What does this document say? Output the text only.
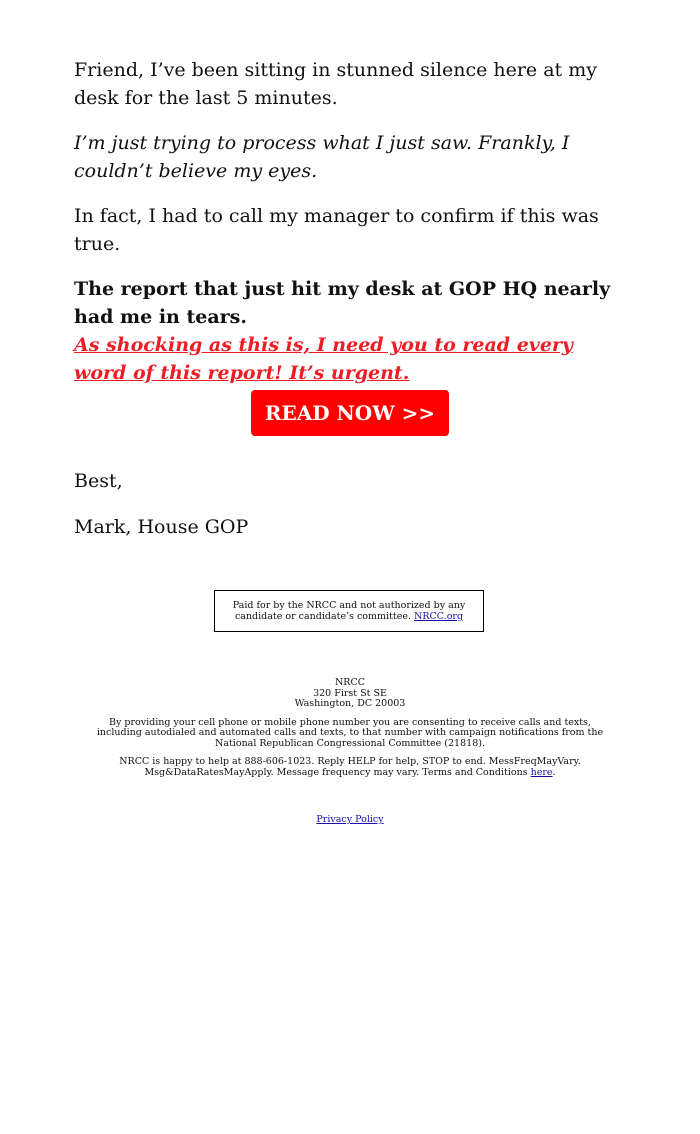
Friend, I’ve been sitting in stunned silence here at my desk for the last 5 minutes.

I’m just trying to process what I just saw. Frankly, I couldn’t believe my eyes.

In fact, I had to call my manager to confirm if this was true.

The report that just hit my desk at GOP HQ nearly had me in tears.

As shocking as this is, I need you to read every word of this report! It’s urgent.
READ NOW >>

Best,

Mark, House GOP

Paid for by the NRCC and not authorized by any candidate or candidate’s committee. NRCC.org
NRCC
320 First St SE
Washington, DC 20003
By providing your cell phone or mobile phone number you are consenting to receive calls and texts, including autodialed and automated calls and texts, to that number with campaign notifications from the National Republican Congressional Committee (21818).
NRCC is happy to help at 888-606-1023. Reply HELP for help, STOP to end. MessFreqMayVary. Msg&DataRatesMayApply. Message frequency may vary. Terms and Conditions here.
Privacy Policy
